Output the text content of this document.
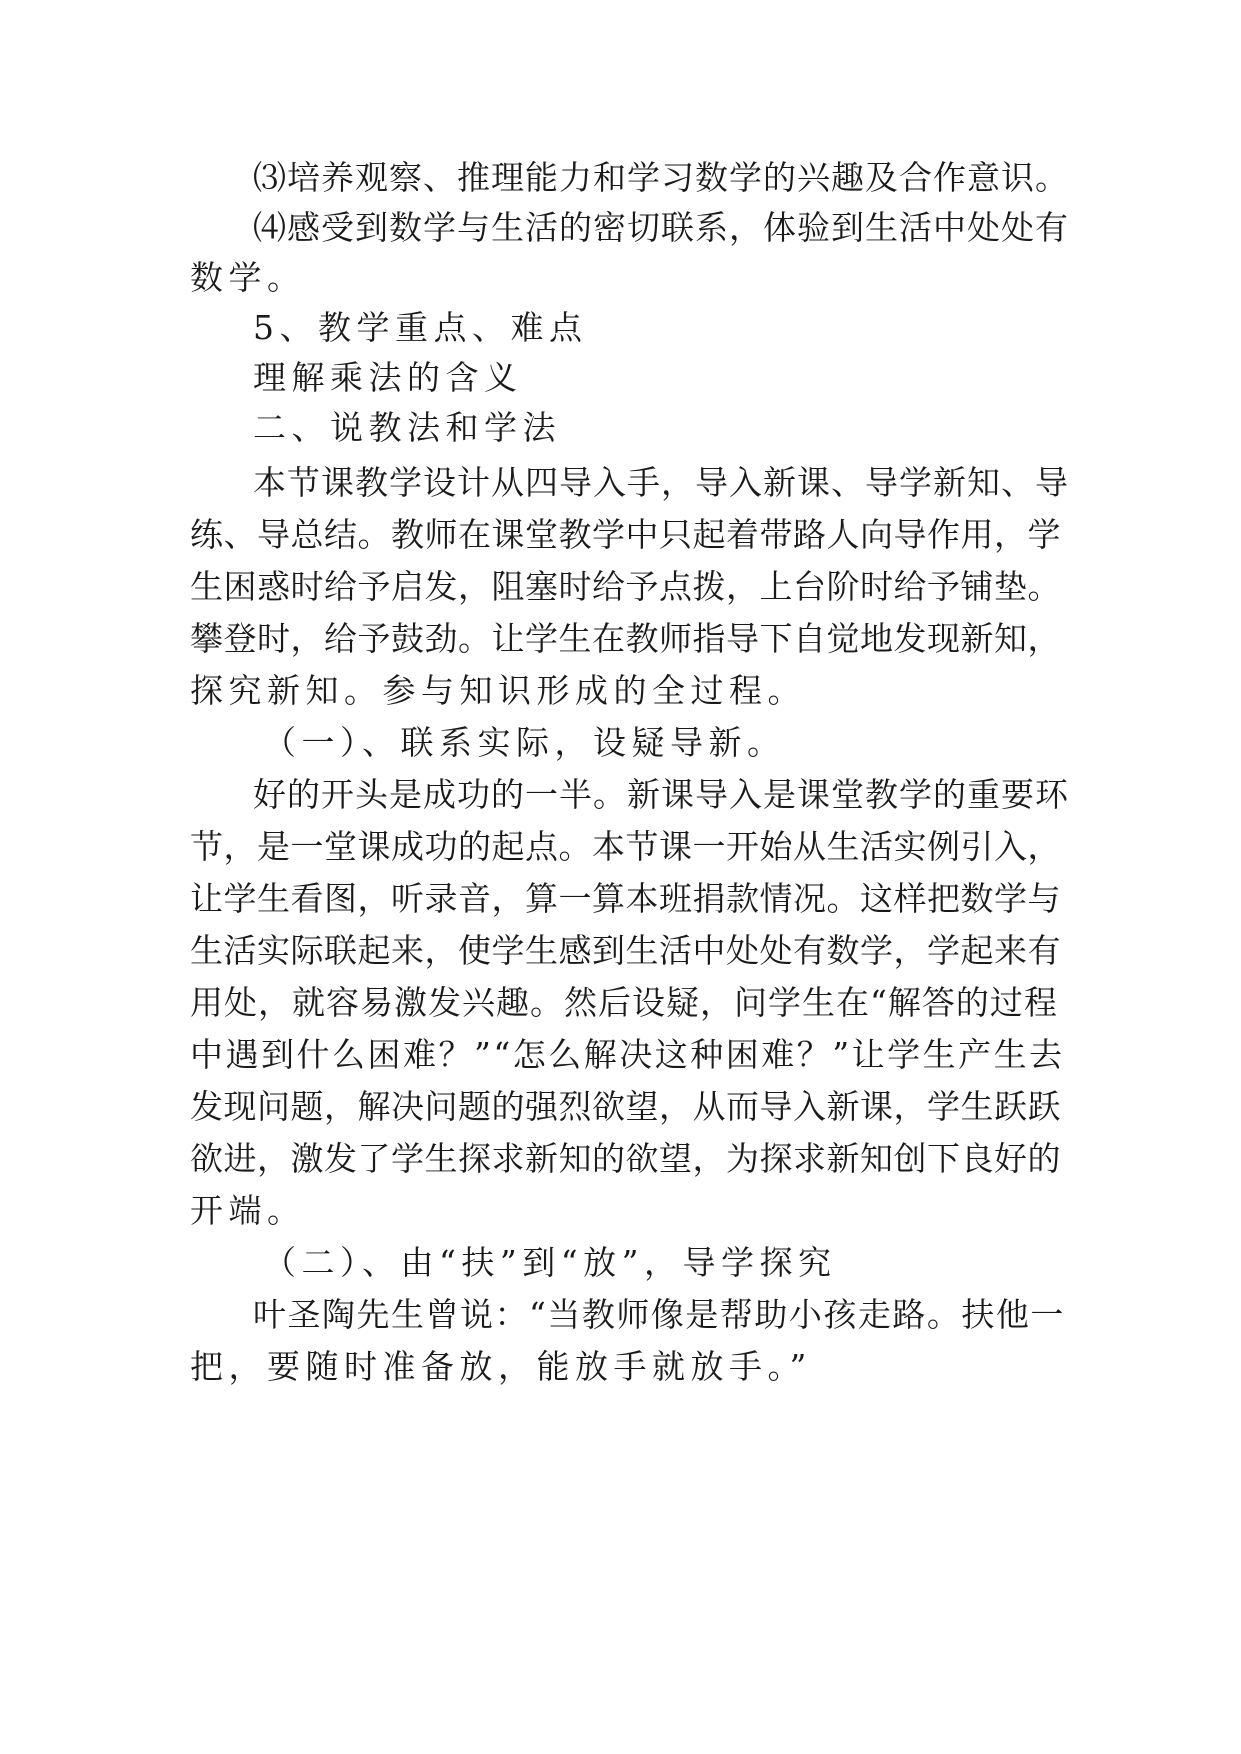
⑶培养观察、推理能力和学习数学的兴趣及合作意识。
⑷感受到数学与生活的密切联系，体验到生活中处处有
数学。
5、教学重点、难点
理解乘法的含义
二、说教法和学法
本节课教学设计从四导入手，导入新课、导学新知、导
练、导总结。教师在课堂教学中只起着带路人向导作用，学
生困惑时给予启发，阻塞时给予点拨，上台阶时给予铺垫。
攀登时，给予鼓劲。让学生在教师指导下自觉地发现新知，
探究新知。参与知识形成的全过程。
（一）、联系实际，设疑导新。
好的开头是成功的一半。新课导入是课堂教学的重要环
节，是一堂课成功的起点。本节课一开始从生活实例引入，
让学生看图，听录音，算一算本班捐款情况。这样把数学与
生活实际联起来，使学生感到生活中处处有数学，学起来有
用处，就容易激发兴趣。然后设疑，问学生在“解答的过程
中遇到什么困难？”“怎么解决这种困难？”让学生产生去
发现问题，解决问题的强烈欲望，从而导入新课，学生跃跃
欲进，激发了学生探求新知的欲望，为探求新知创下良好的
开端。
（二）、由“扶”到“放”，导学探究
叶圣陶先生曾说：“当教师像是帮助小孩走路。扶他一
把，要随时准备放，能放手就放手。”
